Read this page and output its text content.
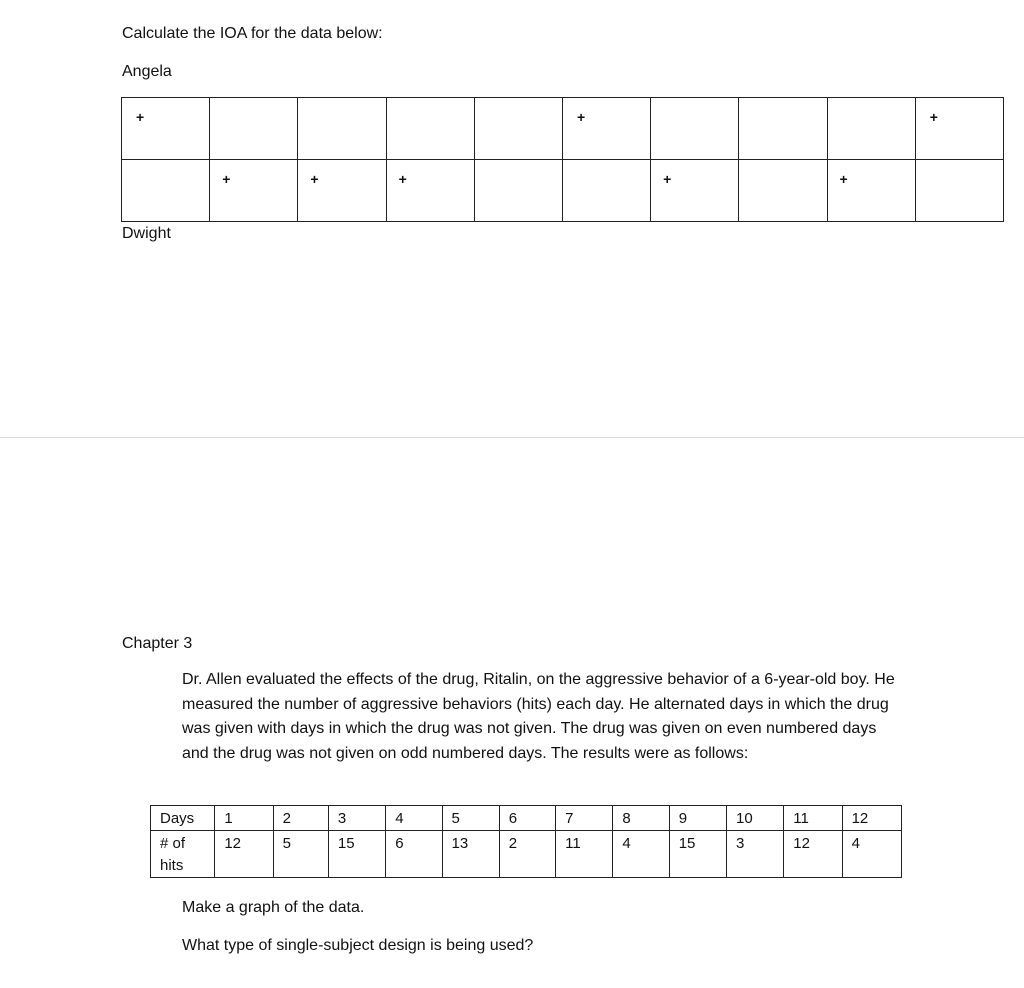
Calculate the IOA for the data below:

Angela

+					+				+

	+	+	+			+		+	

Dwight

Chapter 3

Dr. Allen evaluated the effects of the drug, Ritalin, on the aggressive behavior of a 6-year-old boy. He measured the number of aggressive behaviors (hits) each day. He alternated days in which the drug was given with days in which the drug was not given. The drug was given on even numbered days and the drug was not given on odd numbered days. The results were as follows:

Days	1	2	3	4	5	6	7	8	9	10	11	12
# of hits	12	5	15	6	13	2	11	4	15	3	12	4

Make a graph of the data.

What type of single-subject design is being used?
